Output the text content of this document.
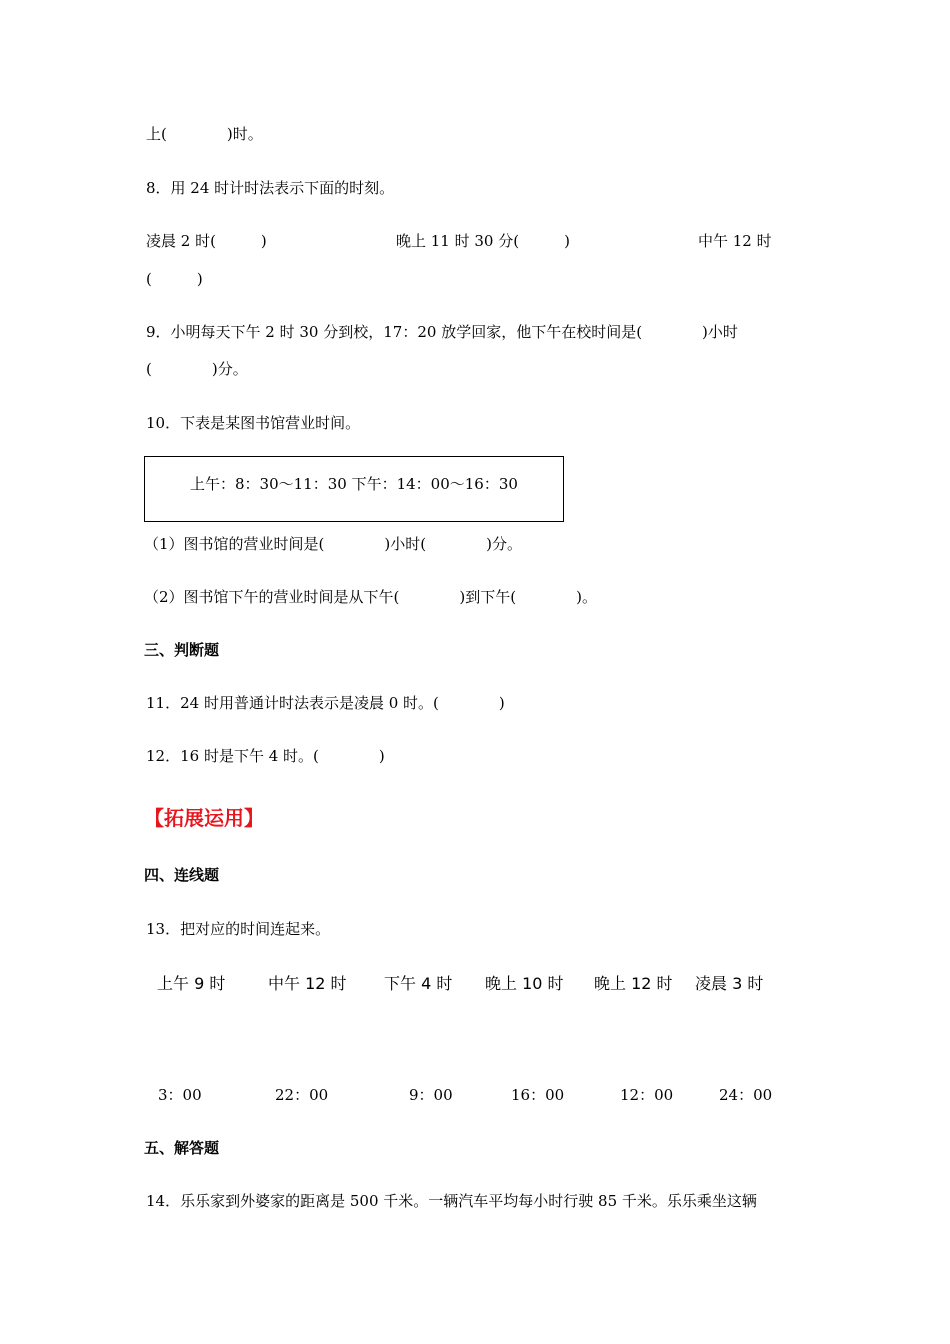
上(　　　　)时。
8．用 24 时计时法表示下面的时刻。
凌晨 2 时(　　　)	晚上 11 时 30 分(　　　)	中午 12 时
(　　　)
9．小明每天下午 2 时 30 分到校，17：20 放学回家，他下午在校时间是(　　　　)小时
(　　　　)分。
10．下表是某图书馆营业时间。
上午：8：30～11：30 下午：14：00～16：30
（1）图书馆的营业时间是(　　　　)小时(　　　　)分。
（2）图书馆下午的营业时间是从下午(　　　　)到下午(　　　　)。
三、判断题
11．24 时用普通计时法表示是凌晨 0 时。(　　　　)
12．16 时是下午 4 时。(　　　　)
【拓展运用】
四、连线题
13．把对应的时间连起来。
上午 9 时	中午 12 时 下午 4 时 晚上 10 时 晚上 12 时 凌晨 3 时
3：00	22：00	9：00	16：00	12：00	24：00
五、解答题
14．乐乐家到外婆家的距离是 500 千米。一辆汽车平均每小时行驶 85 千米。乐乐乘坐这辆
